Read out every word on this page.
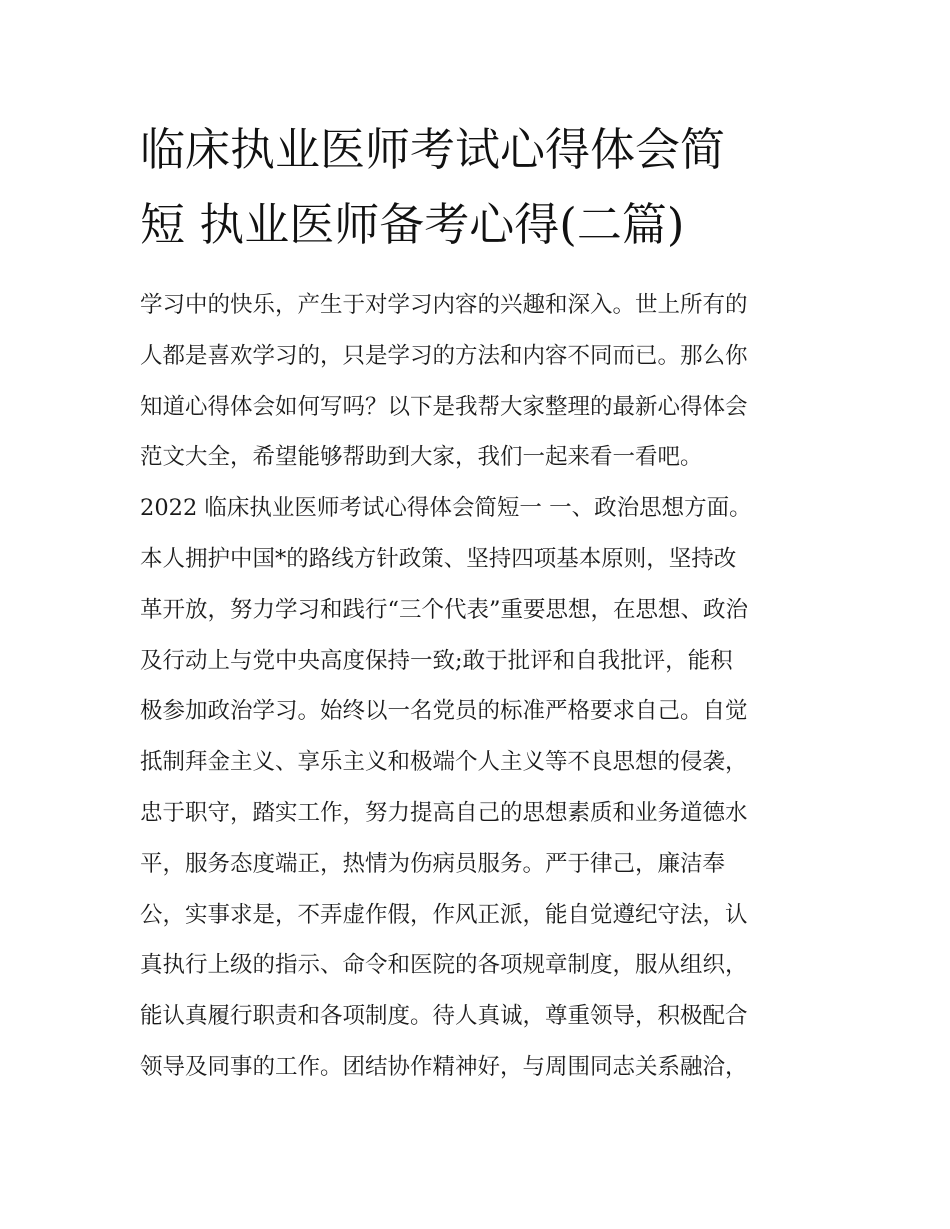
临床执业医师考试心得体会简
短 执业医师备考心得(二篇)
学习中的快乐，产生于对学习内容的兴趣和深入。世上所有的
人都是喜欢学习的，只是学习的方法和内容不同而已。那么你
知道心得体会如何写吗？以下是我帮大家整理的最新心得体会
范文大全，希望能够帮助到大家，我们一起来看一看吧。
2022 临床执业医师考试心得体会简短一 一、政治思想方面。
本人拥护中国*的路线方针政策、坚持四项基本原则，坚持改
革开放，努力学习和践行“三个代表”重要思想，在思想、政治
及行动上与党中央高度保持一致;敢于批评和自我批评，能积
极参加政治学习。始终以一名党员的标准严格要求自己。自觉
抵制拜金主义、享乐主义和极端个人主义等不良思想的侵袭，
忠于职守，踏实工作，努力提高自己的思想素质和业务道德水
平，服务态度端正，热情为伤病员服务。严于律己，廉洁奉
公，实事求是，不弄虚作假，作风正派，能自觉遵纪守法，认
真执行上级的指示、命令和医院的各项规章制度，服从组织，
能认真履行职责和各项制度。待人真诚，尊重领导，积极配合
领导及同事的工作。团结协作精神好，与周围同志关系融洽，
